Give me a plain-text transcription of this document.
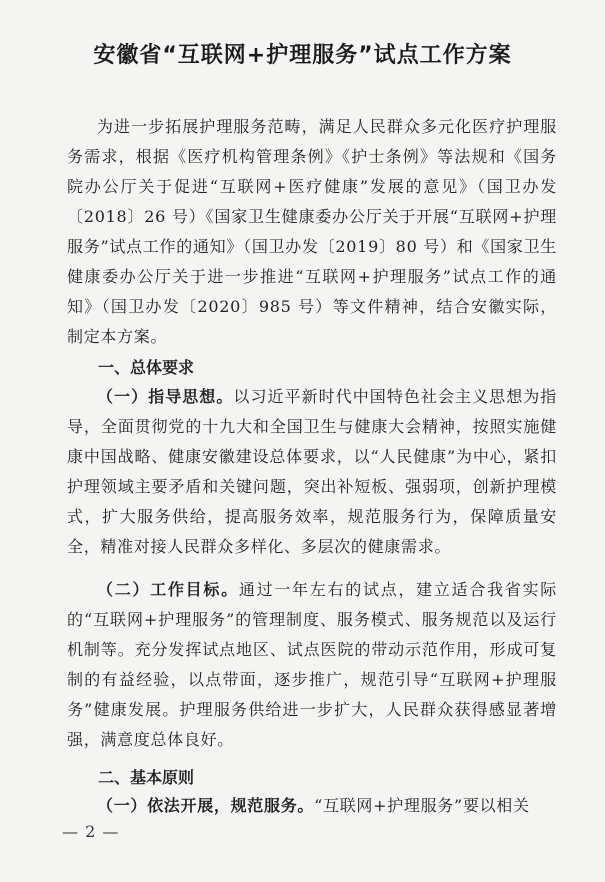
安徽省“互联网+护理服务”试点工作方案
为进一步拓展护理服务范畴，满足人民群众多元化医疗护理服务需求，根据《医疗机构管理条例》《护士条例》等法规和《国务院办公厅关于促进“互联网+医疗健康”发展的意见》（国卫办发〔2018〕26 号）《国家卫生健康委办公厅关于开展“互联网+护理服务”试点工作的通知》（国卫办发〔2019〕80 号）和《国家卫生健康委办公厅关于进一步推进“互联网+护理服务”试点工作的通知》（国卫办发〔2020〕985 号）等文件精神，结合安徽实际，制定本方案。
一、总体要求
（一）指导思想。以习近平新时代中国特色社会主义思想为指导，全面贯彻党的十九大和全国卫生与健康大会精神，按照实施健康中国战略、健康安徽建设总体要求，以“人民健康”为中心，紧扣护理领域主要矛盾和关键问题，突出补短板、强弱项，创新护理模式，扩大服务供给，提高服务效率，规范服务行为，保障质量安全，精准对接人民群众多样化、多层次的健康需求。
（二）工作目标。通过一年左右的试点，建立适合我省实际的“互联网+护理服务”的管理制度、服务模式、服务规范以及运行机制等。充分发挥试点地区、试点医院的带动示范作用，形成可复制的有益经验，以点带面，逐步推广，规范引导“互联网+护理服务”健康发展。护理服务供给进一步扩大，人民群众获得感显著增强，满意度总体良好。
二、基本原则
（一）依法开展，规范服务。“互联网+护理服务”要以相关
— 2 —
